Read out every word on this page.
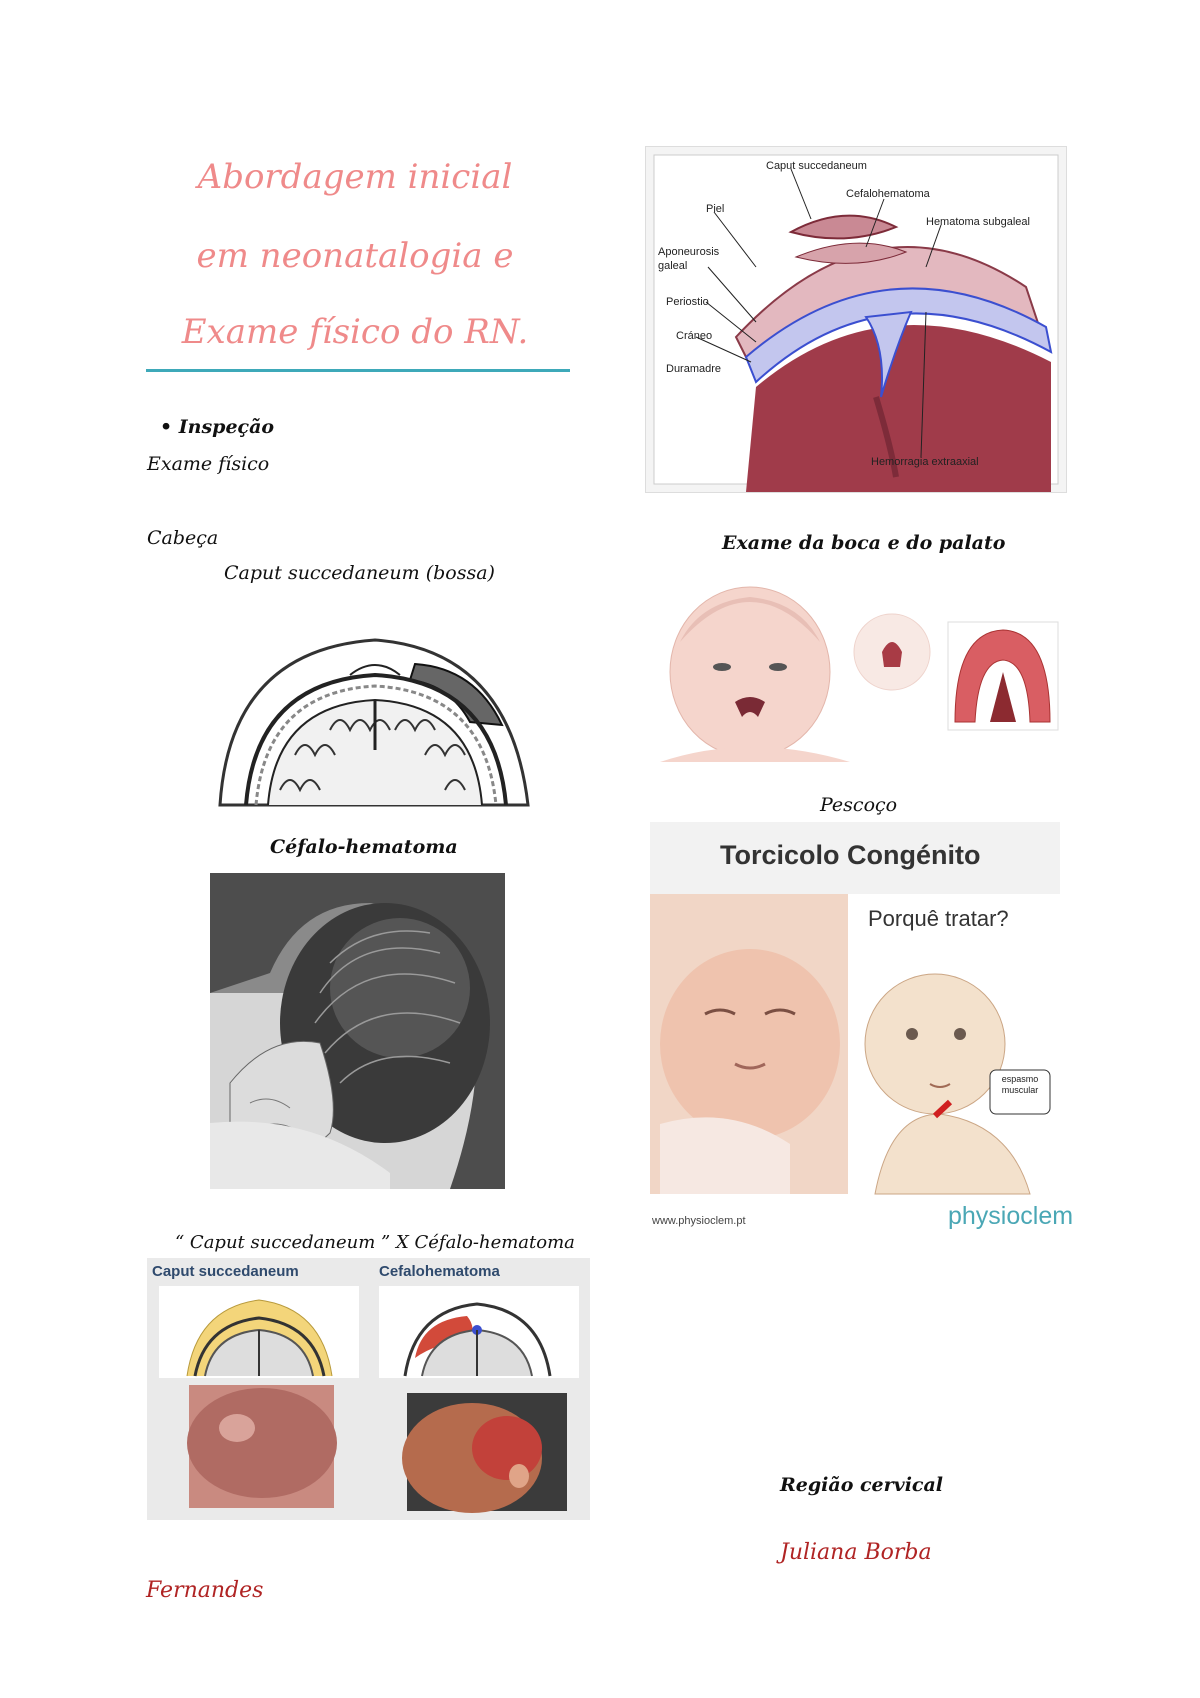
Abordagem inicial
em neonatalogia e
Exame físico do RN.
• Inspeção
Exame físico
Cabeça
Caput succedaneum (bossa)
Céfalo-hematoma
“ Caput succedaneum ” X Céfalo-hematoma
Caput succedaneum	Cefalohematoma
Caput succedaneum
Cefalohematoma
Piel
Hematoma subgaleal
Aponeurosis
galeal
Periostio
Cráneo
Duramadre
Hemorragia extraaxial
Exame da boca e do palato
Pescoço
Torcicolo Congénito
www.physioclem.pt	physioclem
Porquê tratar?
espasmo
muscular
Região cervical
Juliana Borba
Fernandes
